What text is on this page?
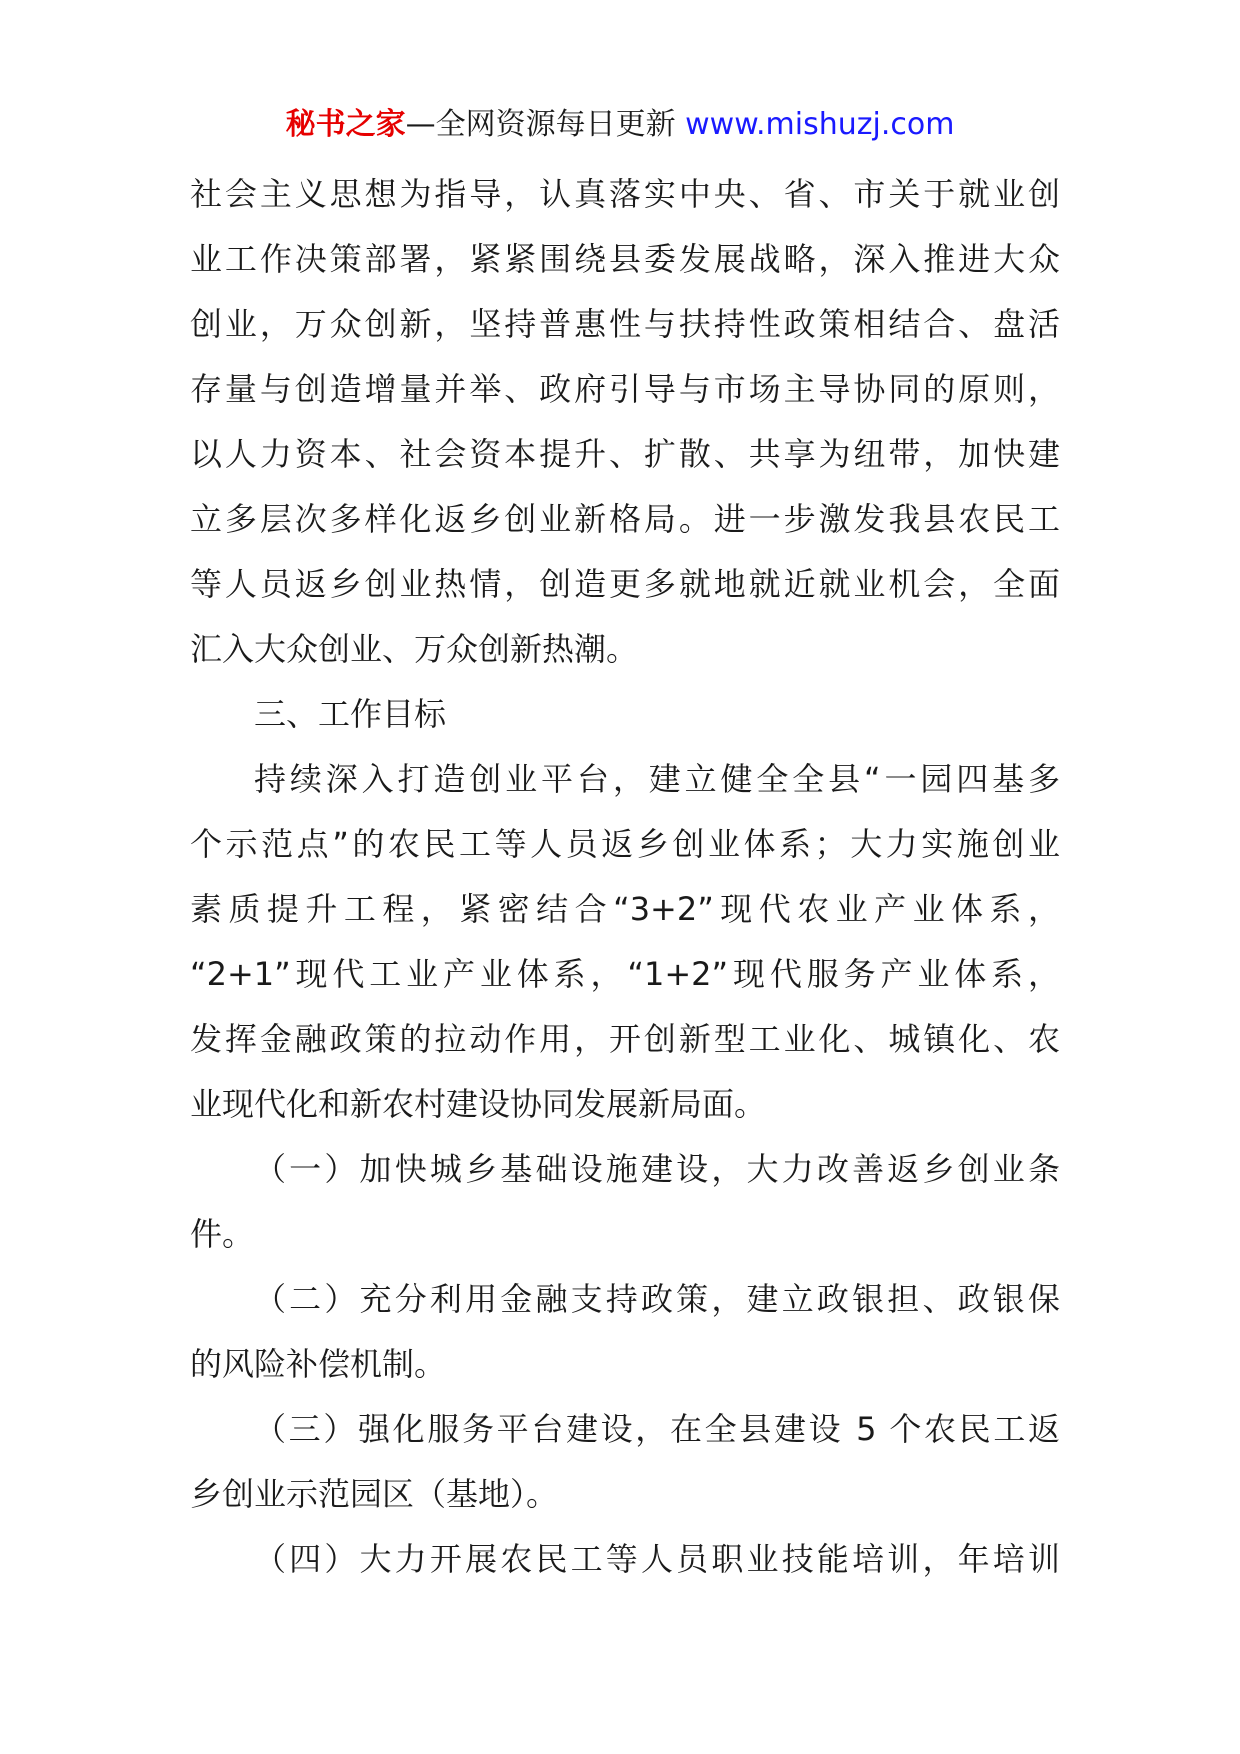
秘书之家—全网资源每日更新 www.mishuzj.com
社会主义思想为指导，认真落实中央、省、市关于就业创
业工作决策部署，紧紧围绕县委发展战略，深入推进大众
创业，万众创新，坚持普惠性与扶持性政策相结合、盘活
存量与创造增量并举、政府引导与市场主导协同的原则，
以人力资本、社会资本提升、扩散、共享为纽带，加快建
立多层次多样化返乡创业新格局。进一步激发我县农民工
等人员返乡创业热情，创造更多就地就近就业机会，全面
汇入大众创业、万众创新热潮。
三、工作目标
持续深入打造创业平台，建立健全全县“一园四基多
个示范点”的农民工等人员返乡创业体系；大力实施创业
素质提升工程，紧密结合“3+2”现代农业产业体系，
“2+1”现代工业产业体系，“1+2”现代服务产业体系，
发挥金融政策的拉动作用，开创新型工业化、城镇化、农
业现代化和新农村建设协同发展新局面。
（一）加快城乡基础设施建设，大力改善返乡创业条
件。
（二）充分利用金融支持政策，建立政银担、政银保
的风险补偿机制。
（三）强化服务平台建设，在全县建设 5 个农民工返
乡创业示范园区（基地）。
（四）大力开展农民工等人员职业技能培训，年培训
